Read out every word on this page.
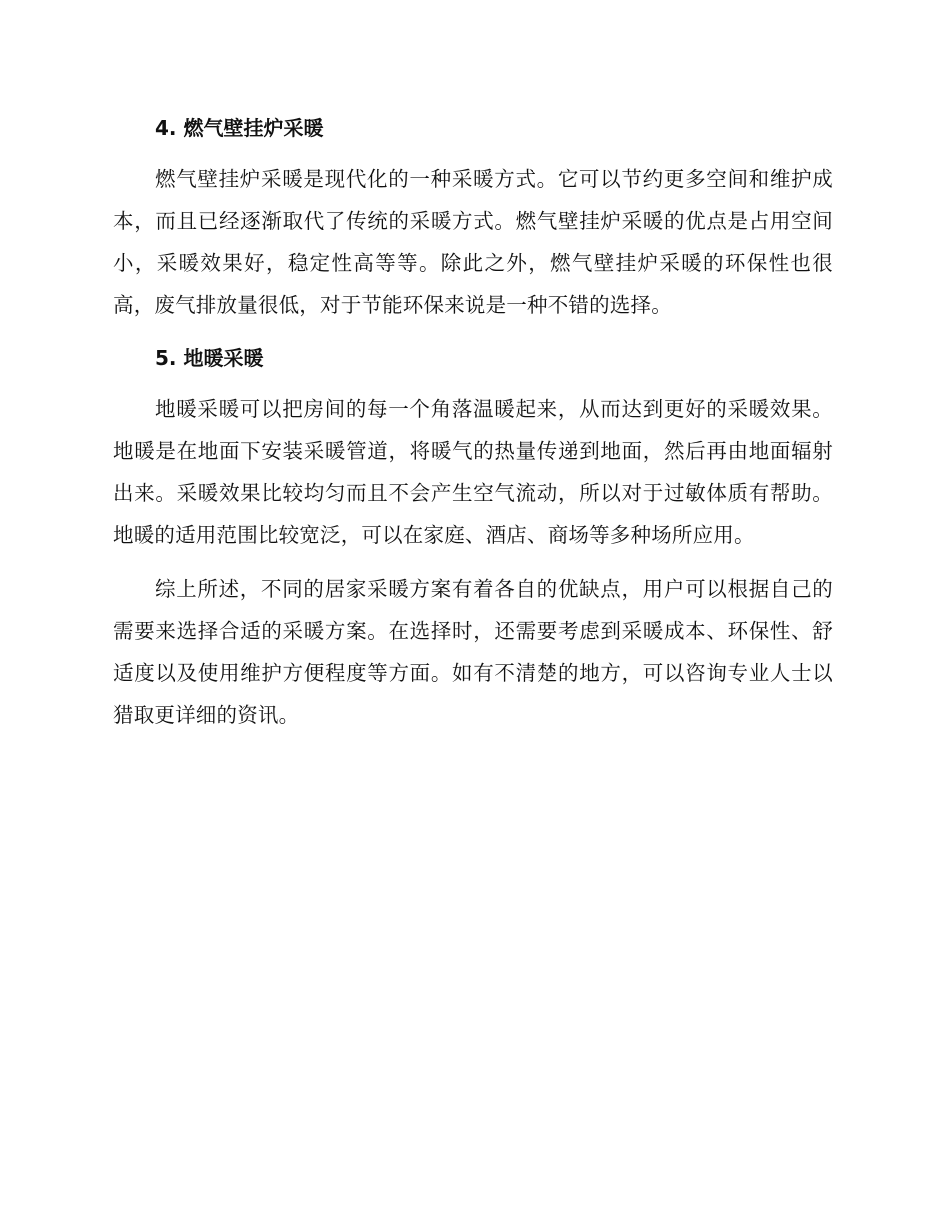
4. 燃气壁挂炉采暖

燃气壁挂炉采暖是现代化的一种采暖方式。它可以节约更多空间和维护成本，而且已经逐渐取代了传统的采暖方式。燃气壁挂炉采暖的优点是占用空间小，采暖效果好，稳定性高等等。除此之外，燃气壁挂炉采暖的环保性也很高，废气排放量很低，对于节能环保来说是一种不错的选择。

5. 地暖采暖

地暖采暖可以把房间的每一个角落温暖起来，从而达到更好的采暖效果。地暖是在地面下安装采暖管道，将暖气的热量传递到地面，然后再由地面辐射出来。采暖效果比较均匀而且不会产生空气流动，所以对于过敏体质有帮助。地暖的适用范围比较宽泛，可以在家庭、酒店、商场等多种场所应用。

综上所述，不同的居家采暖方案有着各自的优缺点，用户可以根据自己的需要来选择合适的采暖方案。在选择时，还需要考虑到采暖成本、环保性、舒适度以及使用维护方便程度等方面。如有不清楚的地方，可以咨询专业人士以猎取更详细的资讯。
